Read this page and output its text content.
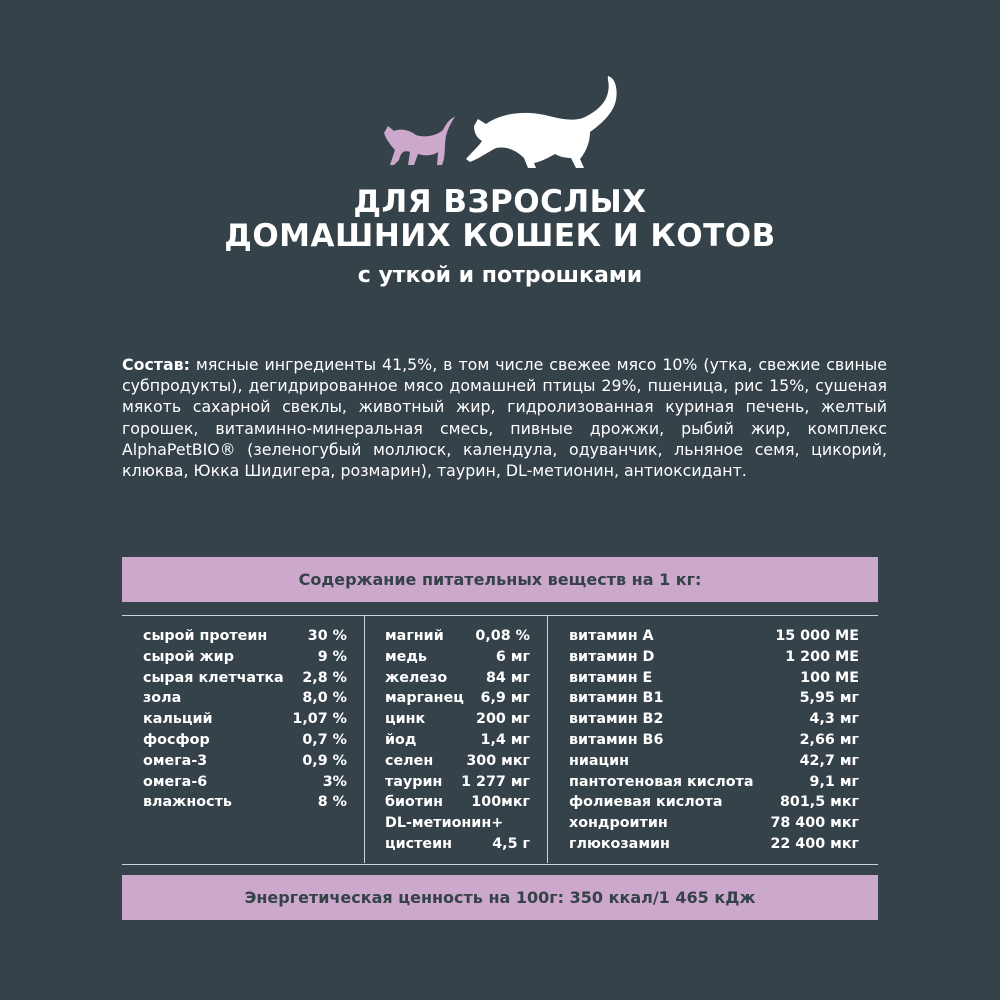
ДЛЯ ВЗРОСЛЫХ
ДОМАШНИХ КОШЕК И КОТОВ
с уткой и потрошками
Состав: мясные ингредиенты 41,5%, в том числе свежее мясо 10% (утка, свежие свиные субпродукты), дегидрированное мясо домашней птицы 29%, пшеница, рис 15%, сушеная мякоть сахарной свеклы, животный жир, гидролизованная куриная печень, желтый горошек, витаминно-минеральная смесь, пивные дрожжи, рыбий жир, комплекс AlphaPetBIO® (зеленогубый моллюск, календула, одуванчик, льняное семя, цикорий, клюква, Юкка Шидигера, розмарин), таурин, DL-метионин, антиоксидант.
Содержание питательных веществ на 1 кг:
сырой протеин	30 %
сырой жир	9 %
сырая клетчатка 2,8 %
зола	8,0 %
кальций	1,07 %
фосфор	0,7 %
омега-3	0,9 %
омега-6	3%
влажность	8 %
магний 0,08 %
медь	6 мг
железо	84 мг
марганец 6,9 мг
цинк	200 мг
йод	1,4 мг
селен 300 мкг
таурин 1 277 мг
биотин 100мкг
DL-метионин+
цистеин	4,5 г
витамин А	15 000 МЕ
витамин D	1 200 МЕ
витамин Е	100 МЕ
витамин В1	5,95 мг
витамин В2	4,3 мг
витамин В6	2,66 мг
ниацин	42,7 мг
пантотеновая кислота	9,1 мг
фолиевая кислота	801,5 мкг
хондроитин	78 400 мкг
глюкозамин	22 400 мкг
Энергетическая ценность на 100г: 350 ккал/1 465 кДж
